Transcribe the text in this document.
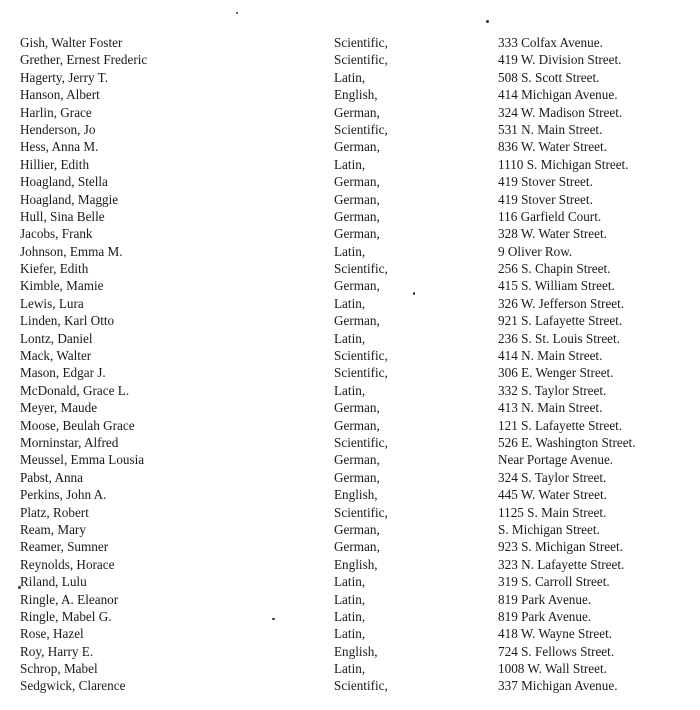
Gish, Walter Foster	Scientific,	333 Colfax Avenue.
Grether, Ernest Frederic	Scientific,	419 W. Division Street.
Hagerty, Jerry T.	Latin,	508 S. Scott Street.
Hanson, Albert	English,	414 Michigan Avenue.
Harlin, Grace	German,	324 W. Madison Street.
Henderson, Jo	Scientific,	531 N. Main Street.
Hess, Anna M.	German,	836 W. Water Street.
Hillier, Edith	Latin,	1110 S. Michigan Street.
Hoagland, Stella	German,	419 Stover Street.
Hoagland, Maggie	German,	419 Stover Street.
Hull, Sina Belle	German,	116 Garfield Court.
Jacobs, Frank	German,	328 W. Water Street.
Johnson, Emma M.	Latin,	9 Oliver Row.
Kiefer, Edith	Scientific,	256 S. Chapin Street.
Kimble, Mamie	German,	415 S. William Street.
Lewis, Lura	Latin,	326 W. Jefferson Street.
Linden, Karl Otto	German,	921 S. Lafayette Street.
Lontz, Daniel	Latin,	236 S. St. Louis Street.
Mack, Walter	Scientific,	414 N. Main Street.
Mason, Edgar J.	Scientific,	306 E. Wenger Street.
McDonald, Grace L.	Latin,	332 S. Taylor Street.
Meyer, Maude	German,	413 N. Main Street.
Moose, Beulah Grace	German,	121 S. Lafayette Street.
Morninstar, Alfred	Scientific,	526 E. Washington Street.
Meussel, Emma Lousia	German,	Near Portage Avenue.
Pabst, Anna	German,	324 S. Taylor Street.
Perkins, John A.	English,	445 W. Water Street.
Platz, Robert	Scientific,	1125 S. Main Street.
Ream, Mary	German,	S. Michigan Street.
Reamer, Sumner	German,	923 S. Michigan Street.
Reynolds, Horace	English,	323 N. Lafayette Street.
Riland, Lulu	Latin,	319 S. Carroll Street.
Ringle, A. Eleanor	Latin,	819 Park Avenue.
Ringle, Mabel G.	Latin,	819 Park Avenue.
Rose, Hazel	Latin,	418 W. Wayne Street.
Roy, Harry E.	English,	724 S. Fellows Street.
Schrop, Mabel	Latin,	1008 W. Wall Street.
Sedgwick, Clarence	Scientific,	337 Michigan Avenue.
